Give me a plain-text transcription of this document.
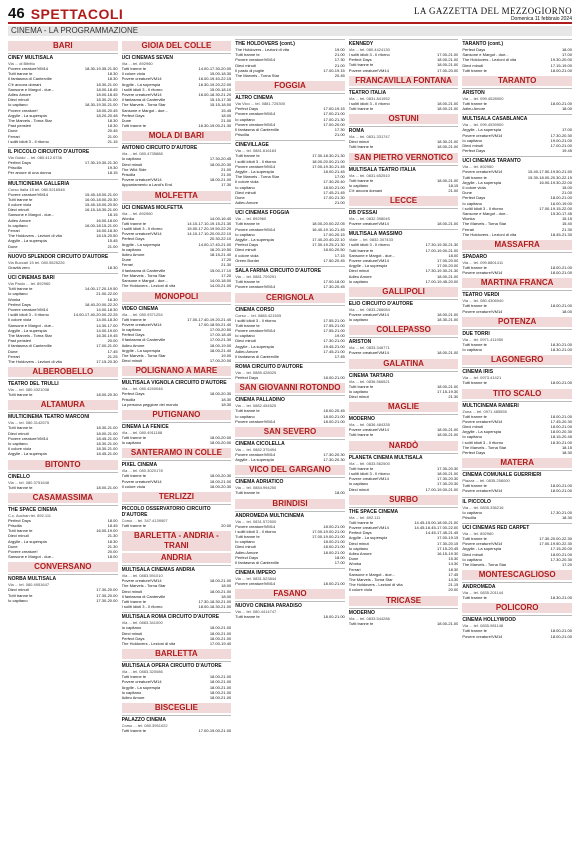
46 SPETTACOLI	LA GAZZETTA DEL MEZZOGIORNO
Domenica 11 febbraio 2024
CINEMA - LA PROGRAMMAZIONE
BARI
CINEY MULTISALA
Via ... di Bitritto
Povere creature!VM14	18.30-19.35-21.50
Tutti tranne te	18.30
Il fantasma di Canterville	18.30
C'è ancora domani	18.30-21.00
Sansone e Margot - due...	18.00-18.45
Adieu Amore	18.00-18.45
Dieci minuti	18.30-21.00
Io capitano	18.30-19.30-21.00
Povere creature!	18.00-20.45
Argylle - La superspia	18.20-20.48
The Marvels - Torna Star	18.30
Past pensieri	18.30
Dune	20.45
Ferrari	21.00
I soliti idioti 3 - Il ritorno	21.15
IL PICCOLO CIRCUITO D'AUTORE
Via Guido ... tel. 080.412.6736
Perfect Days	17.30-19.30-21.30
Priscilla	19.30
Per amore di una donna	18.15
MULTICINEMA GALLERIA
Corso Italia 15 tel. 080.5216548
Povere creature!VM14	15.45-18.00-21.00
Tutti tranne te	16.00-18.00-20.30
Il colore viola	15.45-18.00-20.50
Dieci minuti	16.15-18.30-21.00
Sansone e Margot - due...	18.15
Adieu Amore	16.00-18.00
Io capitano	16.00-18.15-21.00
Ferrari	16.00-18.30
The Holdovers - Lezioni di vita	18.15-20.50
Argylle - La superspia	15.45
Dune	21.00
NUOVO SPLENDOR CIRCUITO D'AUTORE
Via Buccari 15 tel. 080.5525226
Gravità zero	18.30
UCI CINEMAS BARI
Via Paolo ... tel. 892960
Tutti tranne te	14.00-17.20-19.50
Io capitano	21.00-22.00
Wonka	16.30
Perfect Days	18.40-20.00-22.20
Povere creature!VM14	14.00-18.30
I soliti idioti 3 - Il ritorno	14.00-17.40-20.00-22.25
Il colore viola	14.00-18.30
Sansone e Margot - due...	14.30-17.00
Argylle - La superspia	14.00-19.00
The Marvels - Torna Star	16.30-19.45
Past pensieri	20.00
Il fantasma di Canterville	17.00-21.00
Dune	17.45
Ferrari	21.25
The Holdovers - Lezioni di vita	17.15-20.30
ALBEROBELLO
TEATRO DEL TRULLI
Via ... tel. 080.4321038
Tutti tranne te	18.00-20.30
ALTAMURA
MULTICINEMA TEATRO MARCONI
Via ... tel. 080.3142575
Tutti tranne te	18.30-21.00
Dieci minuti	18.00-21.00
Povere creature!VM14	18.45-21.00
Io capitano	18.30-21.00
Il colore viola	18.30-21.00
Argylle - La superspia	18.45-21.00
BITONTO
CINELLO
Via ... tel. 080.3751648
Tutti tranne te	18.00-21.00
CASAMASSIMA
THE SPACE CINEMA
C.c. Auchan tel. 892.111
Perfect Days	18.00
Priscilla	18.45
Tutti tranne te	16.00-19.00
Dieci minuti	21.30
Argylle - La superspia	18.30
Dune	21.30
Povere creature!	20.00
Sansone e Margot - due...	18.00
CONVERSANO
NORBA MULTISALA
Via ... tel. 080.4951647
Dieci minuti	17.30-20.00
Tutti tranne te	17.30-20.00
Io capitano	17.30-20.00
GIOIA DEL COLLE
UCI CINEMAS SEVEN
Via ... tel. 892960
Tutti tranne te	14.00-17.30-20.00
Il colore viola	15.00-18.30
Povere creature!VM14	16.00-19.40-22.15
Argylle - La superspia	16.30-19.20-22.00
I soliti idioti 3 - Il ritorno	15.00-18.10
Povere creature!VM14	16.00-18.30-21.20
Il fantasma di Canterville	15.15-17.30
The Marvels - Torna Star	15.15-18.00
Sansone e Margot - due...	15.45
Perfect Days	18.00
Dune	21.00
Tutti tranne te	16.30-19.00-21.30
MOLA DI BARI
ANTONIO CIRCUITO D'AUTORE
Via ... tel. 080.4735888
Io capitano	17.30-20.45
Dieci minuti	18.00-20.30
The Wild Side	21.00
Priscilla	21.00
Povere creature!VM14	18.00-21.00
Appuntamento a Land's End	17.30
MOLFETTA
UCI CINEMAS MOLFETTA
Via ... tel. 892960
Wonka	14.00-16.40
Tutti tranne te	14.10-17.10-19.15-21.30
I soliti idioti 3 - Il ritorno	15.00-17.20-19.50-22.20
Povere creature!VM14	14.10-17.10-20.00-22.10
Perfect Days	20.30-22.10
Argylle - La superspia	14.00-17.40-21.00
Io capitano	16.20-19.50
Adieu Amore	18.15-21.40
Dune	17.20
Ferrari	21.30
Il fantasma di Canterville	15.00-17.10
The Marvels - Torna Star	17.20
Sansone e Margot - due...	14.00-18.00
The Holdovers - Lezioni di vita	14.00-21.00
MONOPOLI
VIDEO CINEMA
Via ... tel. 080.9371254
Tutti tranne te	17.00-17.40-19.20-21.40
Povere creature!VM14	17.00-18.50-21.40
Io capitano	17.00-20.50
Perfect Days	17.00-18.40
Il fantasma di Canterville	17.00-21.30
Adieu Amore	18.00-19.00
Argylle - La superspia	18.00-21.40
The Marvels - Torna Star	19.00
Dieci minuti	17.00-20.00
POLIGNANO A MARE
MULTISALA VIGNOLA CIRCUITO D'AUTORE
Via ... tel. 080.4240046
Perfect Days	18.00-20.30
Priscilla	18.30
La persona peggiore del mondo	18.30
PUTIGNANO
CINEMA LA FENICE
Via ... tel. 080.4911188
Tutti tranne te	18.00-20.00
Io capitano	18.00-20.00
SANTERAMO IN COLLE
PIXEL CINEMA
Via ... tel. 080.3020178
Tutti tranne te	18.00-20.30
Povere creature!VM14	18.00-21.00
Il colore viola	18.00-20.30
TERLIZZI
PICCOLO OSSERVATORIO CIRCUITO D'AUTORE
Corso ... tel. 347.4139507
Tutti tranne te	20.00
BARLETTA - ANDRIA - TRANI
ANDRIA
MULTISALA CINEMAS ANDRIA
Via ... tel. 0883.591010
Povere creature!VM14	18.00-21.00
The Marvels - Torna Star	18.00
Dieci minuti	18.00-21.00
Il fantasma di Canterville	18.00
Tutti tranne te	17.30-18.30-21.00
I soliti idioti 3 - Il ritorno	18.00-18.30-21.00
MULTISALA ROMA CIRCUITO D'AUTORE
Via ... tel. 0883.341000
Io capitano	18.00-21.00
Dieci minuti	18.00-21.00
Perfect Days	18.00-21.00
The Holdovers - Lezioni di vita	17.00-19.40
BARLETTA
MULTISALA OPERA CIRCUITO D'AUTORE
Via ... tel. 0883.320086
Tutti tranne te	18.00-21.00
Povere creature!VM14	18.00-21.00
Argylle - La superspia	18.00-21.00
Io capitano	18.00-21.00
Adieu Amore	18.00-21.00
BISCEGLIE
PALAZZO CINEMA
Corso ... tel. 080.3951022
Tutti tranne te	17.00-19.00-21.00
THE HOLDOVERS (cont.)
The Holdovers - Lezioni di vita	19.00
Tutti tranne te	21.00
Povere creature!VM14	17.30
Dieci minuti	21.00
Il pasto di pugile	17.00-19.15
The Marvels - Torna Star	20.45
FOGGIA
ALTRO CINEMA
Via Vico ... tel. 0881.725300
Perfect Days	17.00-19.15
Povere creature!VM14	17.00-21.00
Io capitano	17.00-21.30
Povere creature!VM14	17.00-20.00
Il fantasma di Canterville	17.30
Priscilla	21.00
CINEVILLAGE
Via ... tel. 0881.616163
Tutti tranne te	17.30-18.30-21.30
I soliti idioti 3 - Il ritorno	18.00-20.00-21.00
Povere creature!VM14	17.00-19.30-21.45
Argylle - La superspia	18.00-21.45
The Marvels - Torna Star	17.00
Il colore viola	17.30-20.40
Io capitano	18.00-21.00
Dieci minuti	17.45-21.45
Dune	17.00-21.30
Adieu Amore	21.00
UCI CINEMAS FOGGIA
Via ... tel. 892960
Tutti tranne te	18.00-20.00-22.05
Povere creature!VM14	16.40-19.10-21.45
Io capitano	17.00-20.15
Argylle - La superspia	17.40-20.40-22.10
Perfect Days	17.30-19.25-21.30
Dieci minuti	18.00-20.50
Il colore viola	17.15
Green Border	17.50-20.45
SALA FARINA CIRCUITO D'AUTORE
Via ... tel. 0881.709291
Tutti tranne te	17.00-18.00
Povere creature!VM14	17.30-20.45
CERIGNOLA
CINEMA CORSO
Corso ... tel. 0885.421505
I soliti idioti 3 - Il ritorno	17.55-21.00
Tutti tranne te	17.55-21.00
Povere creature!VM14	17.55-21.00
Io capitano	19.00
Dieci minuti	17.30-21.00
Argylle - La superspia	19.45-21.00
Adieu Amore	17.45-21.00
Il fantasma di Canterville	17.45
ROMA CIRCUITO D'AUTORE
Via ... tel. 0885.428025
Perfect Days	18.00-21.00
SAN GIOVANNI ROTONDO
CINEMA PALLADINO
Via ... tel. 0882.454525
Tutti tranne te	18.00-20.45
Io capitano	18.00-21.00
Povere creature!VM14	18.00-21.00
SAN SEVERO
CINEMA CICOLELLA
Via ... tel. 0882.375494
Povere creature!VM14	17.30-20.30
Argylle - La superspia	17.30-20.30
VICO DEL GARGANO
CINEMA ADRIATICO
Via ... tel. 0884.994250
Tutti tranne te	18.00
BRINDISI
ANDROMEDA MULTICINEMA
Via ... tel. 0831.572500
Povere creature!VM14	18.00-21.00
I soliti idioti 3 - Il ritorno	17.00-19.00-21.00
Tutti tranne te	17.00-19.00-21.00
Io capitano	18.00-21.00
Dieci minuti	18.00-21.00
Adieu Amore	18.00-21.00
Perfect Days	18.00
Il fantasma di Canterville	17.00
CINEMA IMPERO
Via ... tel. 0831.523844
Povere creature!VM14	18.00-21.00
FASANO
NUOVO CINEMA PARADISO
Via ... tel. 080.4414747
Tutti tranne te	18.00-21.00
KENNEDY
Via ... tel. 080.4424130
I soliti idioti 3 - Il ritorno	17.00-21.00
Perfect Days	18.00-21.00
Tutti tranne te	18.00-21.00
Povere creature!VM14	17.00-20.00
FRANCAVILLA FONTANA
TEATRO ITALIA
Via ... tel. 0831.841952
I soliti idioti 3 - Il ritorno	18.00-21.00
Tutti tranne te	18.00-21.00
OSTUNI
ROMA
Via ... tel. 0831.331747
Dieci minuti	18.30-21.00
Tutti tranne te	18.00-21.00
SAN PIETRO VERNOTICO
MULTISALA TEATRO ITALIA
Via ... tel. 0831.652510
Tutti tranne te	18.00-21.00
Io capitano	18.15
C'è ancora domani	21.00
LECCE
DB D'ESSAI
Via ... tel. 0832.398045
Povere creature!VM14	18.00-21.00
MULTISALA MASSIMO
Viale ... tel. 0832.307433
I soliti idioti 3 - Il ritorno	17.30-19.30-21.30
Tutti tranne te	17.00-19.00-21.00
Sansone e Margot - due...	18.00
Povere creature!VM14	17.00-20.00
Argylle - La superspia	17.00-20.00
Dieci minuti	17.30-19.30-21.30
Adieu Amore	18.00-21.00
Io capitano	17.00-19.45-20.00
GALLIPOLI
ELIO CIRCUITO D'AUTORE
Via ... tel. 0833.266084
Povere creature!VM14	18.00-21.00
Io capitano	18.30-21.00
COLLEPASSO
ARISTON
Via ... tel. 0833.346771
Povere creature!VM14	18.00-21.00
GALATINA
CINEMA TARTARO
Via ... tel. 0836.566521
Tutti tranne te	18.00-21.00
Io capitano	17.15-19.30
Dieci minuti	21.30
MAGLIE
MODERNO
Via ... tel. 0836.484335
Povere creature!VM14	18.00-21.00
Tutti tranne te	18.00-21.00
NARDÒ
PLANETA CINEMA MULTISALA
Via ... tel. 0833.562500
Tutti tranne te	17.30-20.30
I soliti idioti 3 - Il ritorno	18.00-21.00
Povere creature!VM14	17.30-20.30
Io capitano	17.30-20.30
Dieci minuti	17.00-19.00-21.00
SURBO
THE SPACE CINEMA
Via ... tel. 892.111
Tutti tranne te	14.45-15.00-18.00-21.00
Povere creature!VM14	14.45-16.45-17.00-22.00
Perfect Days	14.45-17.45-21.45
Argylle - La superspia	17.00-19.15
Dieci minuti	17.30-20.15
Io capitano	17.15-20.45
Adieu Amore	16.15-19.30
Dune	15.30
Wonka	14.30
Ferrari	18.30
Sansone e Margot - due...	17.45
The Marvels - Torna Star	14.30
The Holdovers - Lezioni di vita	21.15
Il colore viola	20.00
TRICASE
MODERNO
Via ... tel. 0833.544286
Tutti tranne te	18.00-21.00
TARANTO (cont.)
Perfect Days	18.00
Sansone e Margot - due...	17.00
The Holdovers - Lezioni di vita	19.30-20.00
Dieci minuti	17.15-19.00
Tutti tranne te	18.00-21.00
TARANTO
ARISTON
Via ... tel. 099.4528900
Tutti tranne te	18.00-21.00
Adieu Amore	18.00
MULTISALA CASABLANCA
Via ... tel. 099.4539900
Argylle - La superspia	17.00
Povere creature!VM14	17.30-20.30
Io capitano	19.00-21.00
Dieci minuti	17.00-21.00
Perfect Days	19.45
UCI CINEMAS TARANTO
Via ... tel. 892960
Povere creature!VM14	15.40-17.50-19.50-21.50
Tutti tranne te	15.30-18.00-20.30-22.15
Argylle - La superspia	16.00-19.30-22.00
Il colore viola	15.00
Dune	21.00
Perfect Days	18.00-21.00
Io capitano	16.00-19.00
I soliti idioti 3 - Il ritorno	17.00-19.15-22.00
Sansone e Margot - due...	15.30-17.45
Wonka	15.15
The Marvels - Torna Star	15.40
Ferrari	21.30
The Holdovers - Lezioni di vita	18.45-21.30
MASSAFRA
SPADARO
Via ... tel. 099.8801411
Tutti tranne te	18.00-21.00
Povere creature!VM14	18.00-21.00
MARTINA FRANCA
TEATRO VERDI
Via ... tel. 080.4306940
Tutti tranne te	18.00-21.00
Povere creature!VM14	18.00
POTENZA
DUE TORRI
Via ... tel. 0971.411950
Tutti tranne te	18.30-21.00
Io capitano	18.30-21.00
LAGONEGRO
CINEMA IRIS
Via ... tel. 0973.41421
Tutti tranne te	18.00-21.00
TITO SCALO
MULTICINEMA RANIERI
Zona ... tel. 0971.485555
Tutti tranne te	18.00-21.00
Povere creature!VM14	17.45-20.30
Dieci minuti	18.00-21.00
Argylle - La superspia	18.00-20.30
Io capitano	18.15-20.45
I soliti idioti 3 - Il ritorno	18.30-21.00
The Marvels - Torna Star	18.15
Perfect Days	18.30
MATERA
CINEMA COMUNALE GUERRIERI
Piazza ... tel. 0835.256000
Tutti tranne te	18.00-21.00
Povere creature!VM14	18.00-21.00
IL PICCOLO
Via ... tel. 0835.336216
Io capitano	17.30-21.00
Priscilla	18.30
UCI CINEMAS RED CARPET
Via ... tel. 892960
Tutti tranne te	17.30-20.00-22.30
Povere creature!VM14	17.00-19.50-22.30
Argylle - La superspia	17.15-20.00
Dieci minuti	18.00-21.00
Io capitano	17.30-20.30
The Marvels - Torna Star	17.20
MONTESCAGLIOSO
ANDROMEDA
Via ... tel. 0835.201144
Tutti tranne te	18.30-21.00
POLICORO
CINEMA HOLLYWOOD
Via ... tel. 0835.981148
Tutti tranne te	18.00-21.00
Povere creature!VM14	18.00-21.00
